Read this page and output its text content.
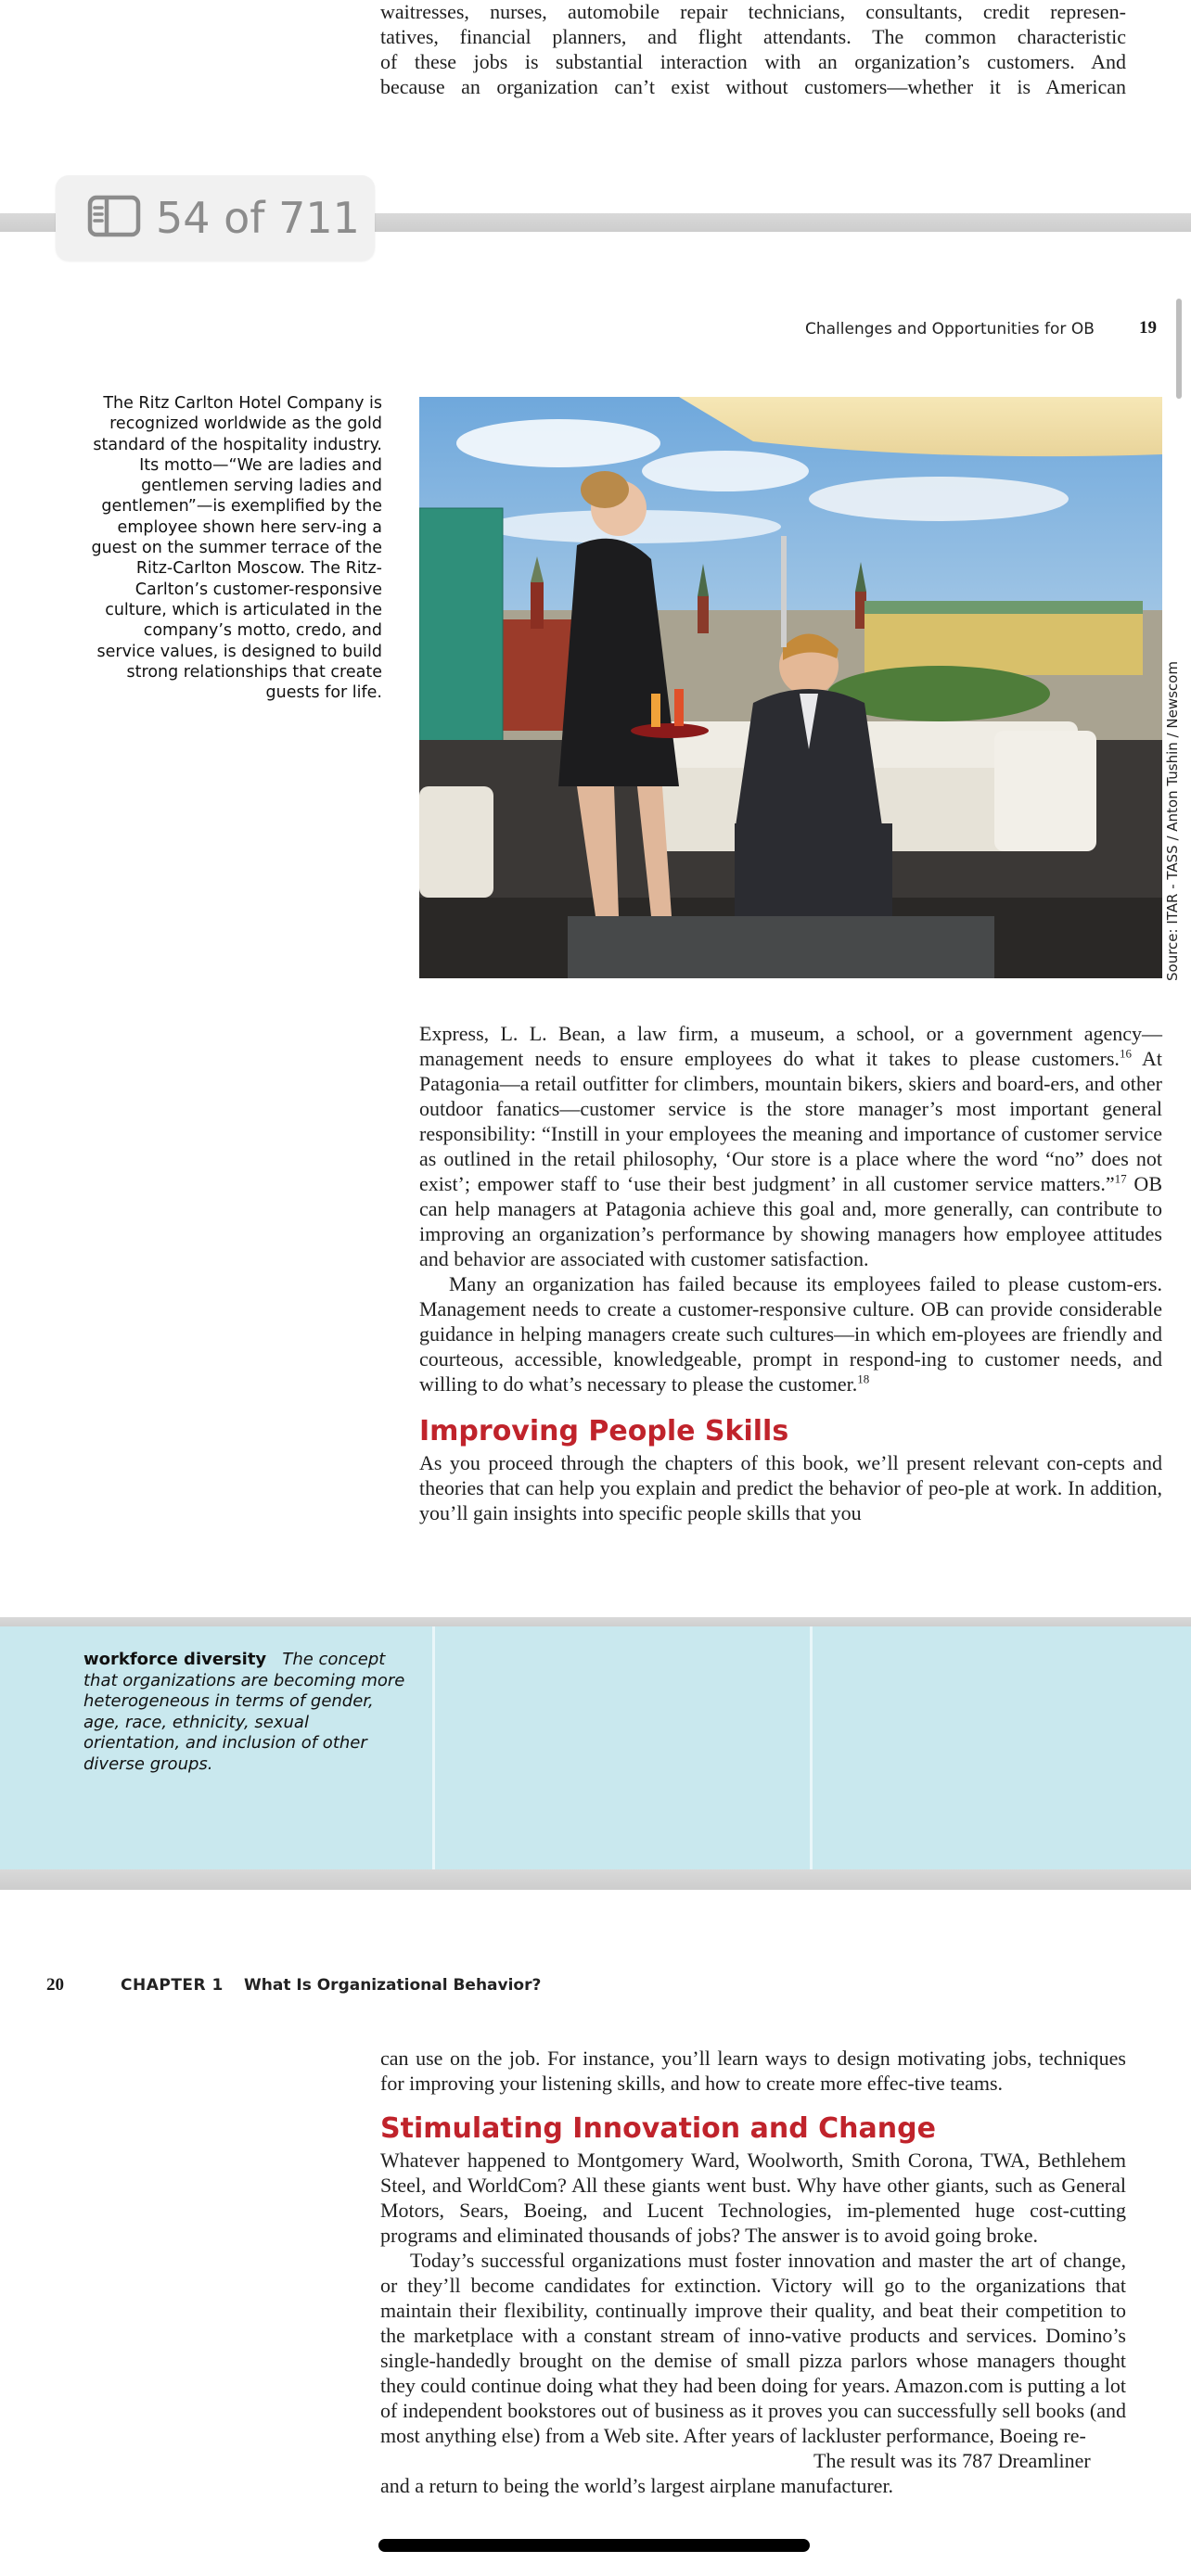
waitresses, nurses, automobile repair technicians, consultants, credit represen-
tatives, financial planners, and flight attendants. The common characteristic
of these jobs is substantial interaction with an organization’s customers. And
because an organization can’t exist without customers—whether it is American
54 of 711
Challenges and Opportunities for OB	19
The Ritz Carlton Hotel Company is recognized worldwide as the gold standard of the hospitality industry. Its motto—“We are ladies and gentlemen serving ladies and gentlemen”—is exemplified by the employee shown here serv-ing a guest on the summer terrace of the Ritz-Carlton Moscow. The Ritz-Carlton’s customer-responsive culture, which is articulated in the company’s motto, credo, and service values, is designed to build strong relationships that create guests for life.	Source: ITAR - TASS / Anton Tushin / Newscom

Express, L. L. Bean, a law firm, a museum, a school, or a government agency—management needs to ensure employees do what it takes to please customers.$^{16}$ At Patagonia—a retail outfitter for climbers, mountain bikers, skiers and board-ers, and other outdoor fanatics—customer service is the store manager’s most important general responsibility: “Instill in your employees the meaning and importance of customer service as outlined in the retail philosophy, ‘Our store is a place where the word “no” does not exist’; empower staff to ‘use their best judgment’ in all customer service matters.”$^{17}$ OB can help managers at Patagonia achieve this goal and, more generally, can contribute to improving an organization’s performance by showing managers how employee attitudes and behavior are associated with customer satisfaction.

Many an organization has failed because its employees failed to please custom-ers. Management needs to create a customer-responsive culture. OB can provide considerable guidance in helping managers create such cultures—in which em-ployees are friendly and courteous, accessible, knowledgeable, prompt in respond-ing to customer needs, and willing to do what’s necessary to please the customer.$^{18}$

Improving People Skills

As you proceed through the chapters of this book, we’ll present relevant con-cepts and theories that can help you explain and predict the behavior of peo-ple at work. In addition, you’ll gain insights into specific people skills that you

workforce diversity The concept that organizations are becoming more heterogeneous in terms of gender, age, race, ethnicity, sexual orientation, and inclusion of other diverse groups.
20	CHAPTER 1 What Is Organizational Behavior?

can use on the job. For instance, you’ll learn ways to design motivating jobs, techniques for improving your listening skills, and how to create more effec-tive teams.

Stimulating Innovation and Change

Whatever happened to Montgomery Ward, Woolworth, Smith Corona, TWA, Bethlehem Steel, and WorldCom? All these giants went bust. Why have other giants, such as General Motors, Sears, Boeing, and Lucent Technologies, im-plemented huge cost-cutting programs and eliminated thousands of jobs? The answer is to avoid going broke.

Today’s successful organizations must foster innovation and master the art of change, or they’ll become candidates for extinction. Victory will go to the organizations that maintain their flexibility, continually improve their quality, and beat their competition to the marketplace with a constant stream of inno-vative products and services. Domino’s single-handedly brought on the demise of small pizza parlors whose managers thought they could continue doing what they had been doing for years. Amazon.com is putting a lot of independent bookstores out of business as it proves you can successfully sell books (and most anything else) from a Web site. After years of lackluster performance, Boeing re-

The result was its 787 Dreamliner
and a return to being the world’s largest airplane manufacturer.
